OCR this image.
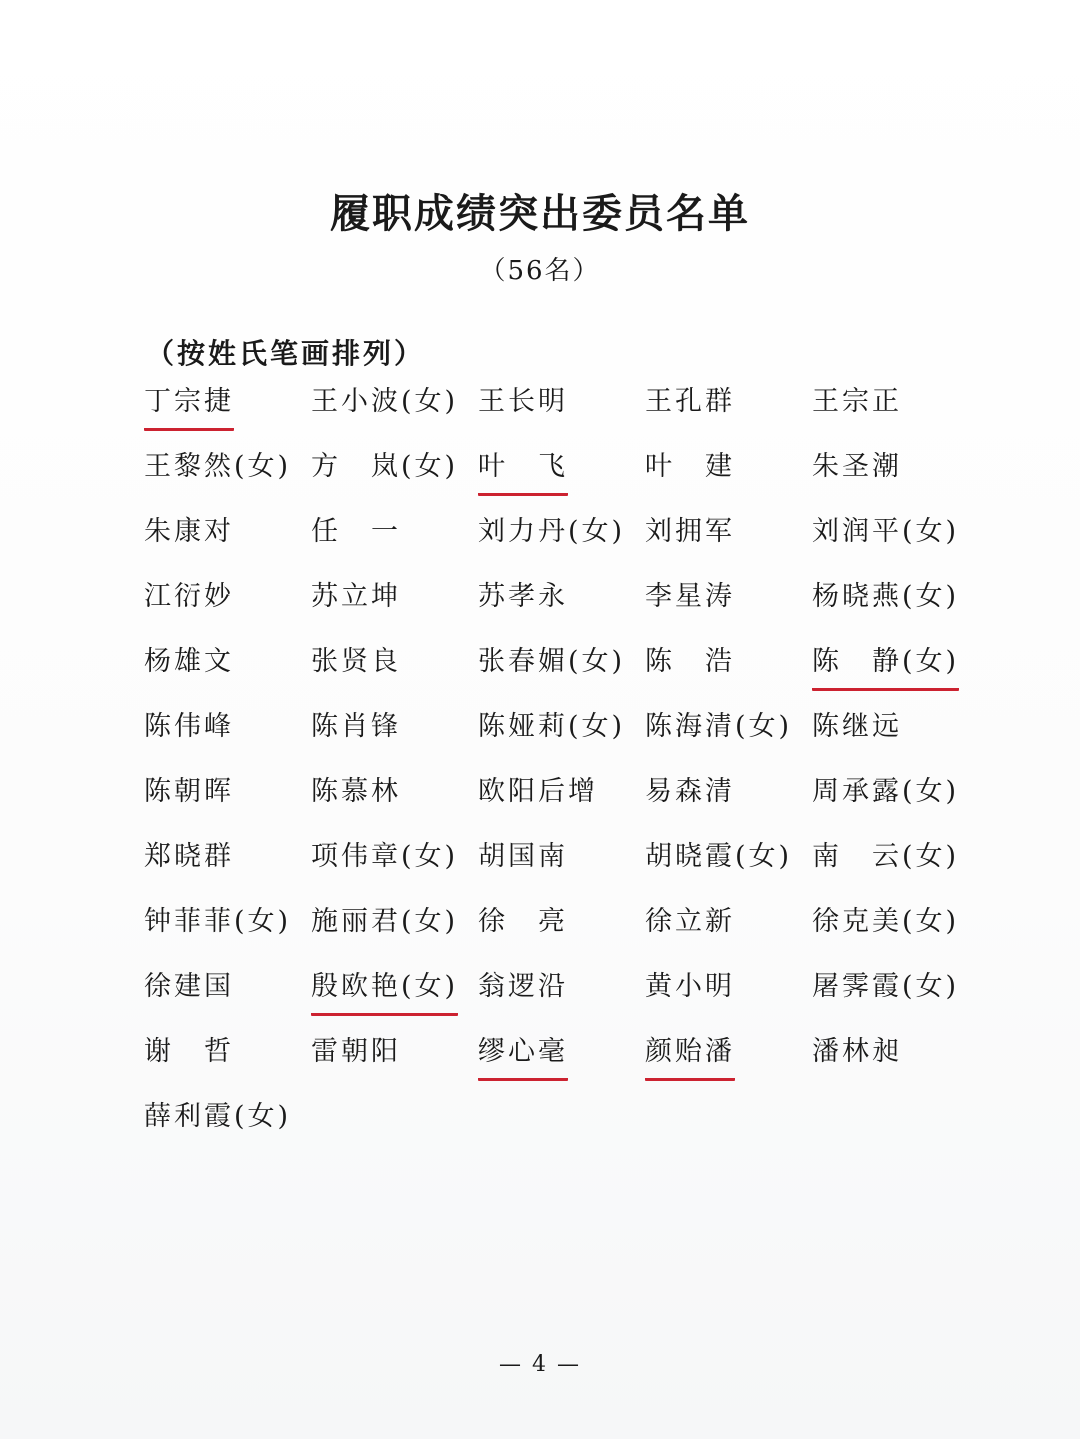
履职成绩突出委员名单
（56名）
（按姓氏笔画排列）
丁宗捷	王小波(女) 王长明	王孔群	王宗正
王黎然(女) 方　岚(女) 叶　飞	叶　建	朱圣潮
朱康对	任　一	刘力丹(女) 刘拥军	刘润平(女)
江衍妙	苏立坤	苏孝永	李星涛	杨晓燕(女)
杨雄文	张贤良	张春媚(女) 陈　浩	陈　静(女)
陈伟峰	陈肖锋	陈娅莉(女) 陈海清(女) 陈继远
陈朝晖	陈慕林	欧阳后增	易森清	周承露(女)
郑晓群	项伟章(女) 胡国南	胡晓霞(女) 南　云(女)
钟菲菲(女) 施丽君(女) 徐　亮	徐立新	徐克美(女)
徐建国	殷欧艳(女) 翁逻沿	黄小明	屠霁霞(女)
谢　哲	雷朝阳	缪心毫	颜贻潘	潘林昶
薛利霞(女)
— 4 —
